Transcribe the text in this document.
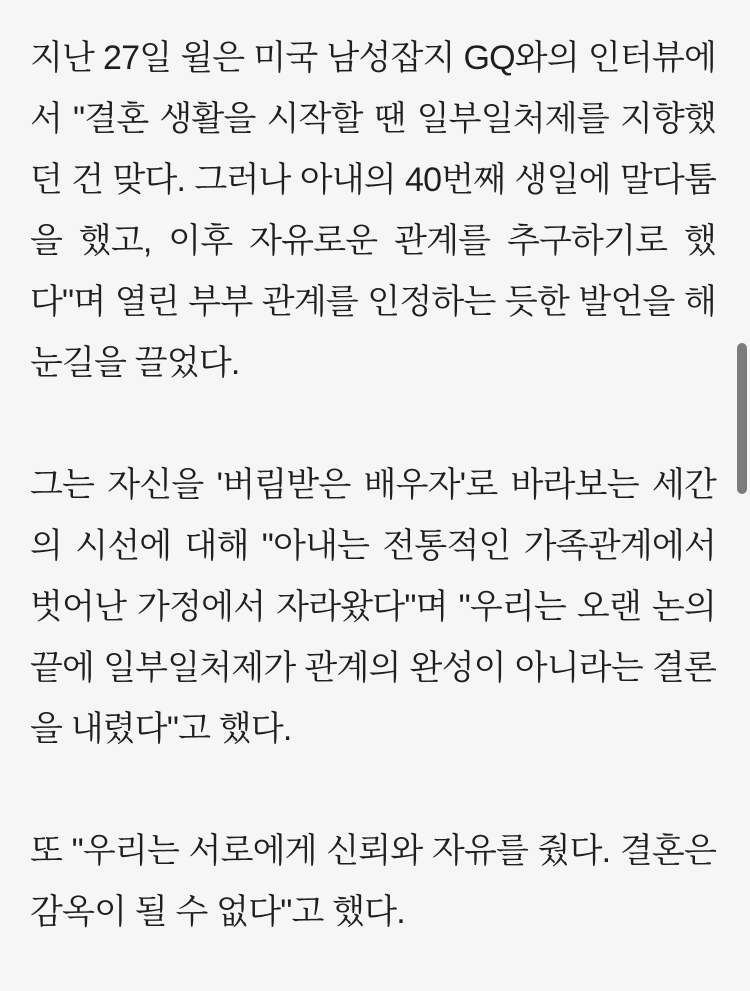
지난 27일 윌은 미국 남성잡지 GQ와의 인터뷰에서 "결혼 생활을 시작할 땐 일부일처제를 지향했던 건 맞다. 그러나 아내의 40번째 생일에 말다툼을 했고, 이후 자유로운 관계를 추구하기로 했다"며 열린 부부 관계를 인정하는 듯한 발언을 해 눈길을 끌었다.

그는 자신을 '버림받은 배우자'로 바라보는 세간의 시선에 대해 "아내는 전통적인 가족관계에서 벗어난 가정에서 자라왔다"며 "우리는 오랜 논의 끝에 일부일처제가 관계의 완성이 아니라는 결론을 내렸다"고 했다.

또 "우리는 서로에게 신뢰와 자유를 줬다. 결혼은 감옥이 될 수 없다"고 했다.
